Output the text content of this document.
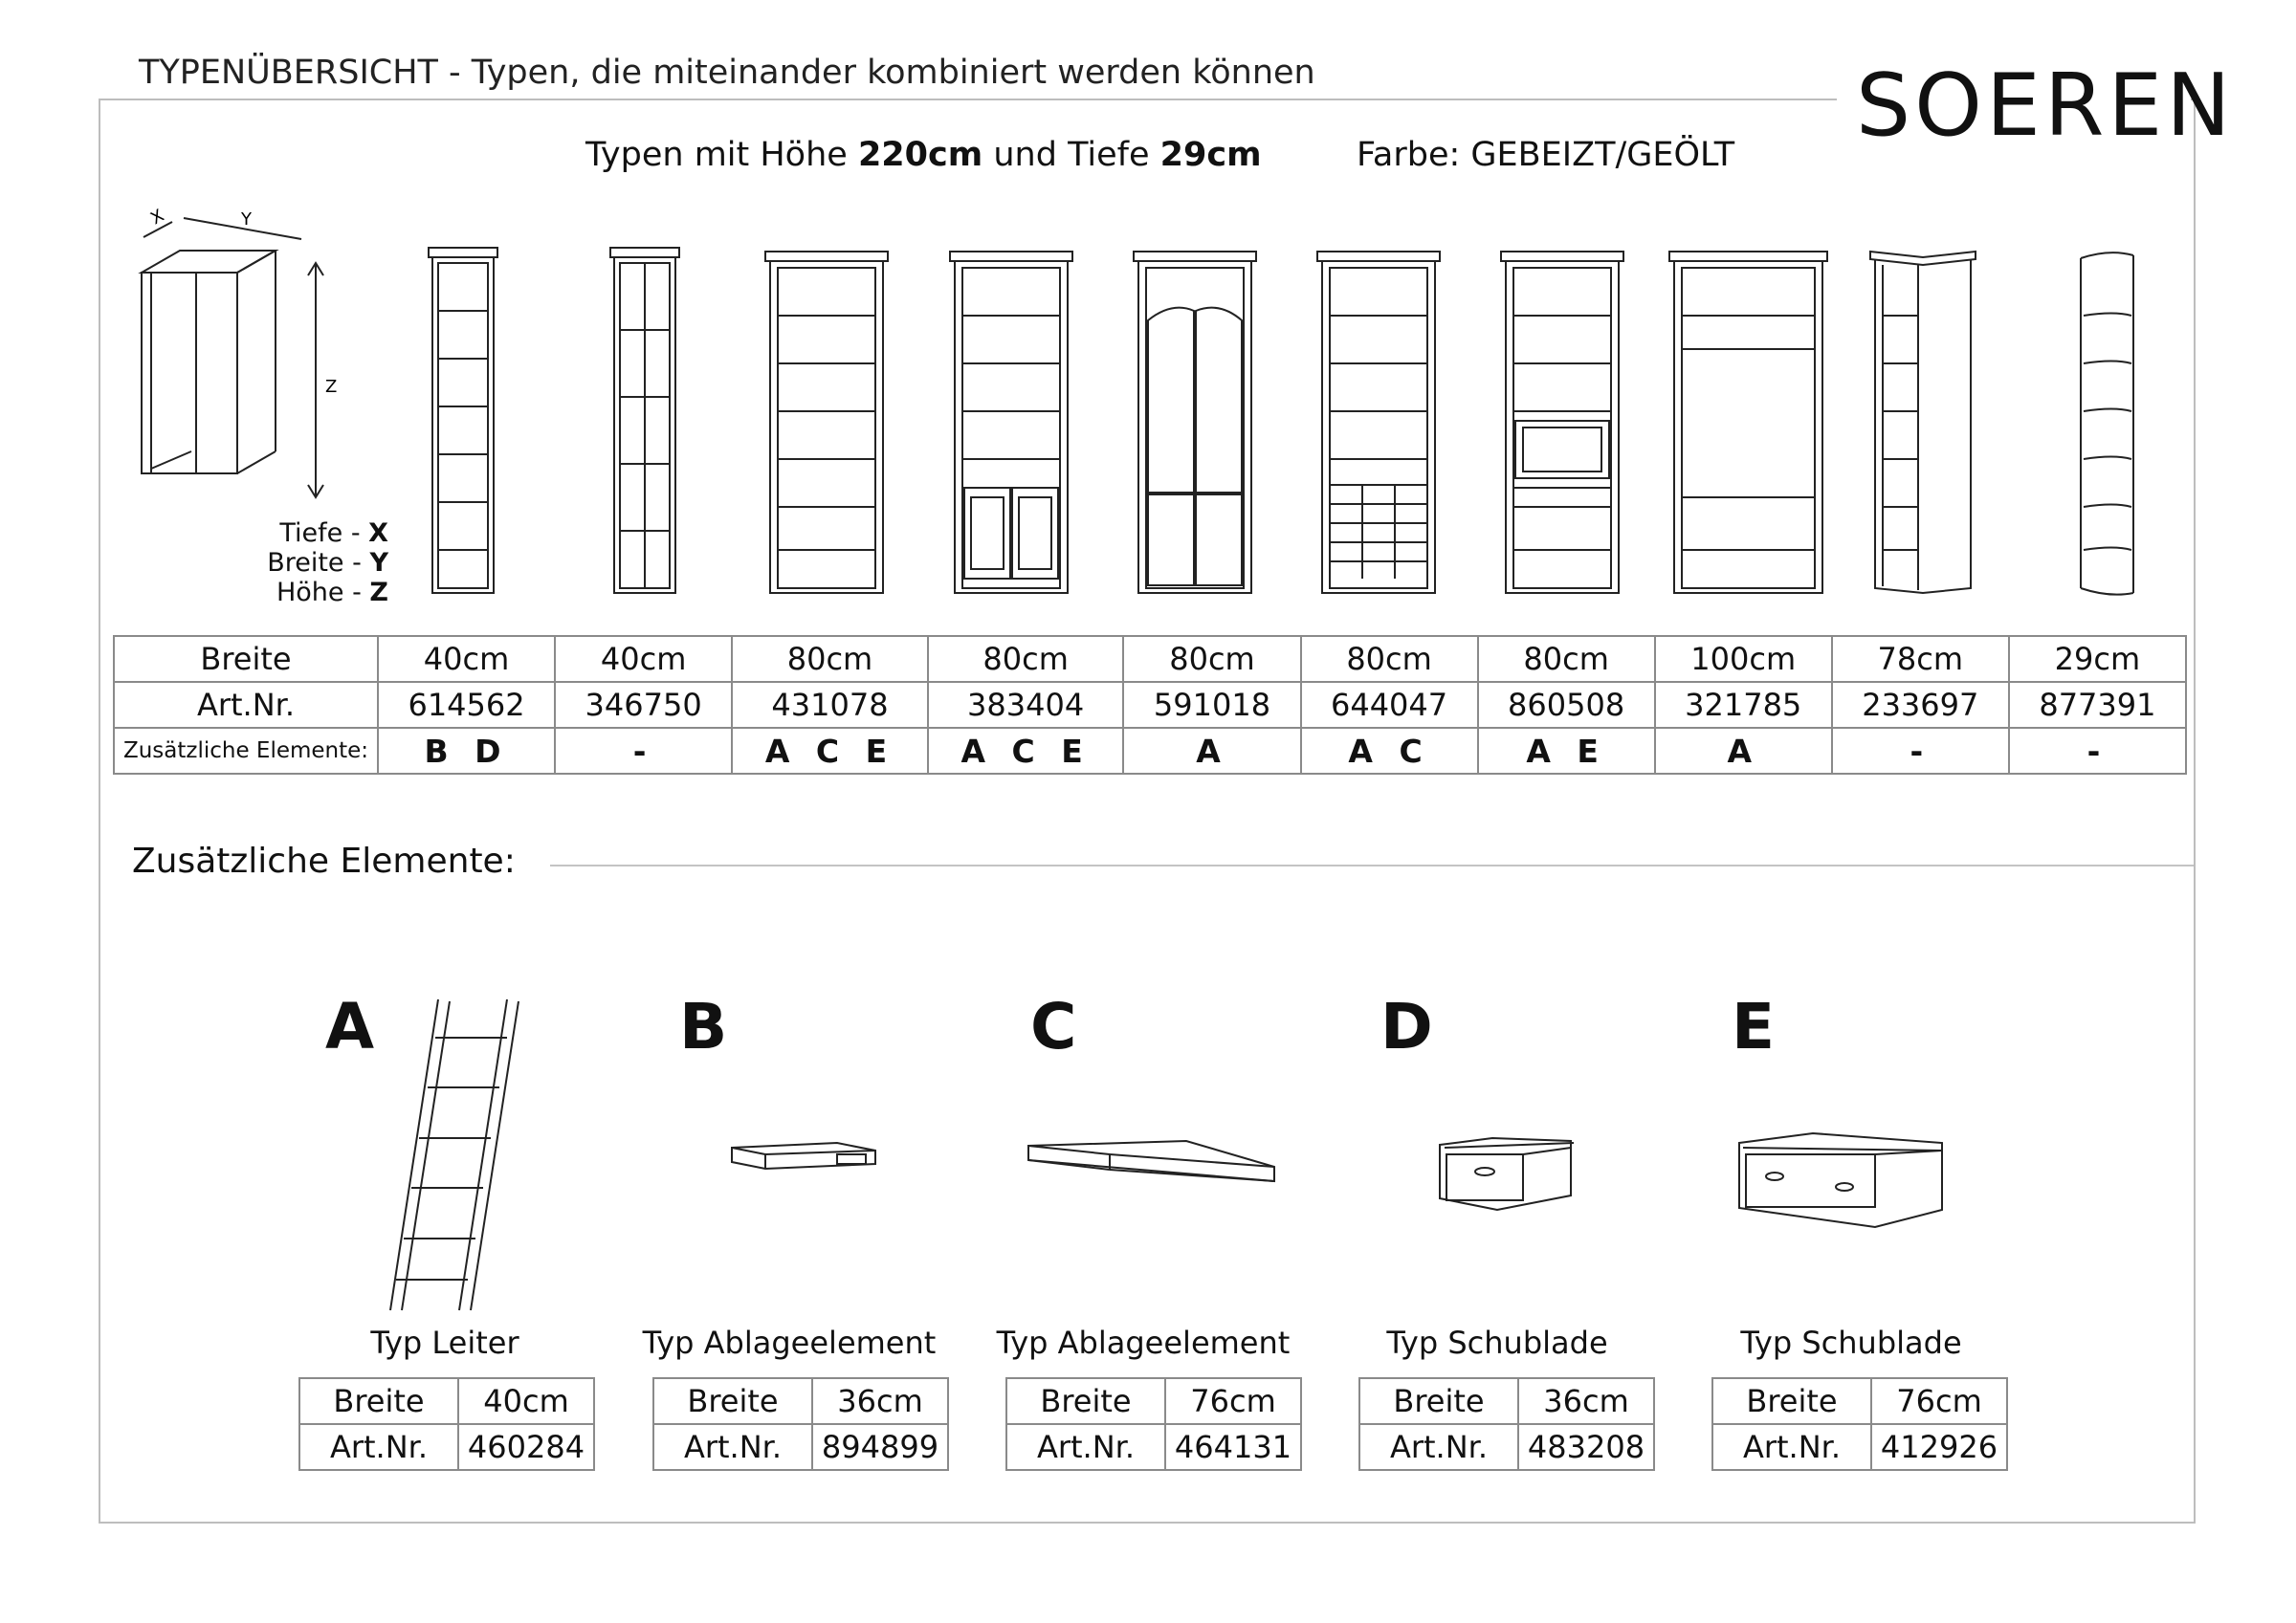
TYPENÜBERSICHT - Typen, die miteinander kombiniert werden können	SOEREN
Typen mit Höhe 220cm und Tiefe 29cm	Farbe: GEBEIZT/GEÖLT
X	Y
Z
Tiefe - X
Breite - Y
Höhe - Z
Breite	40cm	40cm	80cm	80cm	80cm	80cm	80cm	100cm	78cm	29cm
Art.Nr.	614562	346750	431078	383404	591018	644047	860508	321785	233697	877391
Zusätzliche Elemente:	B D	-	A C E	A C E	A	A C	A E	A	-	-
Zusätzliche Elemente:
A	B	C	D	E
Typ Leiter	Typ Ablageelement Typ Ablageelement	Typ Schublade	Typ Schublade
Breite	40cm
Art.Nr.	460284
Breite	36cm
Art.Nr.	894899
Breite	76cm
Art.Nr.	464131
Breite	36cm
Art.Nr.	483208
Breite	76cm
Art.Nr.	412926
